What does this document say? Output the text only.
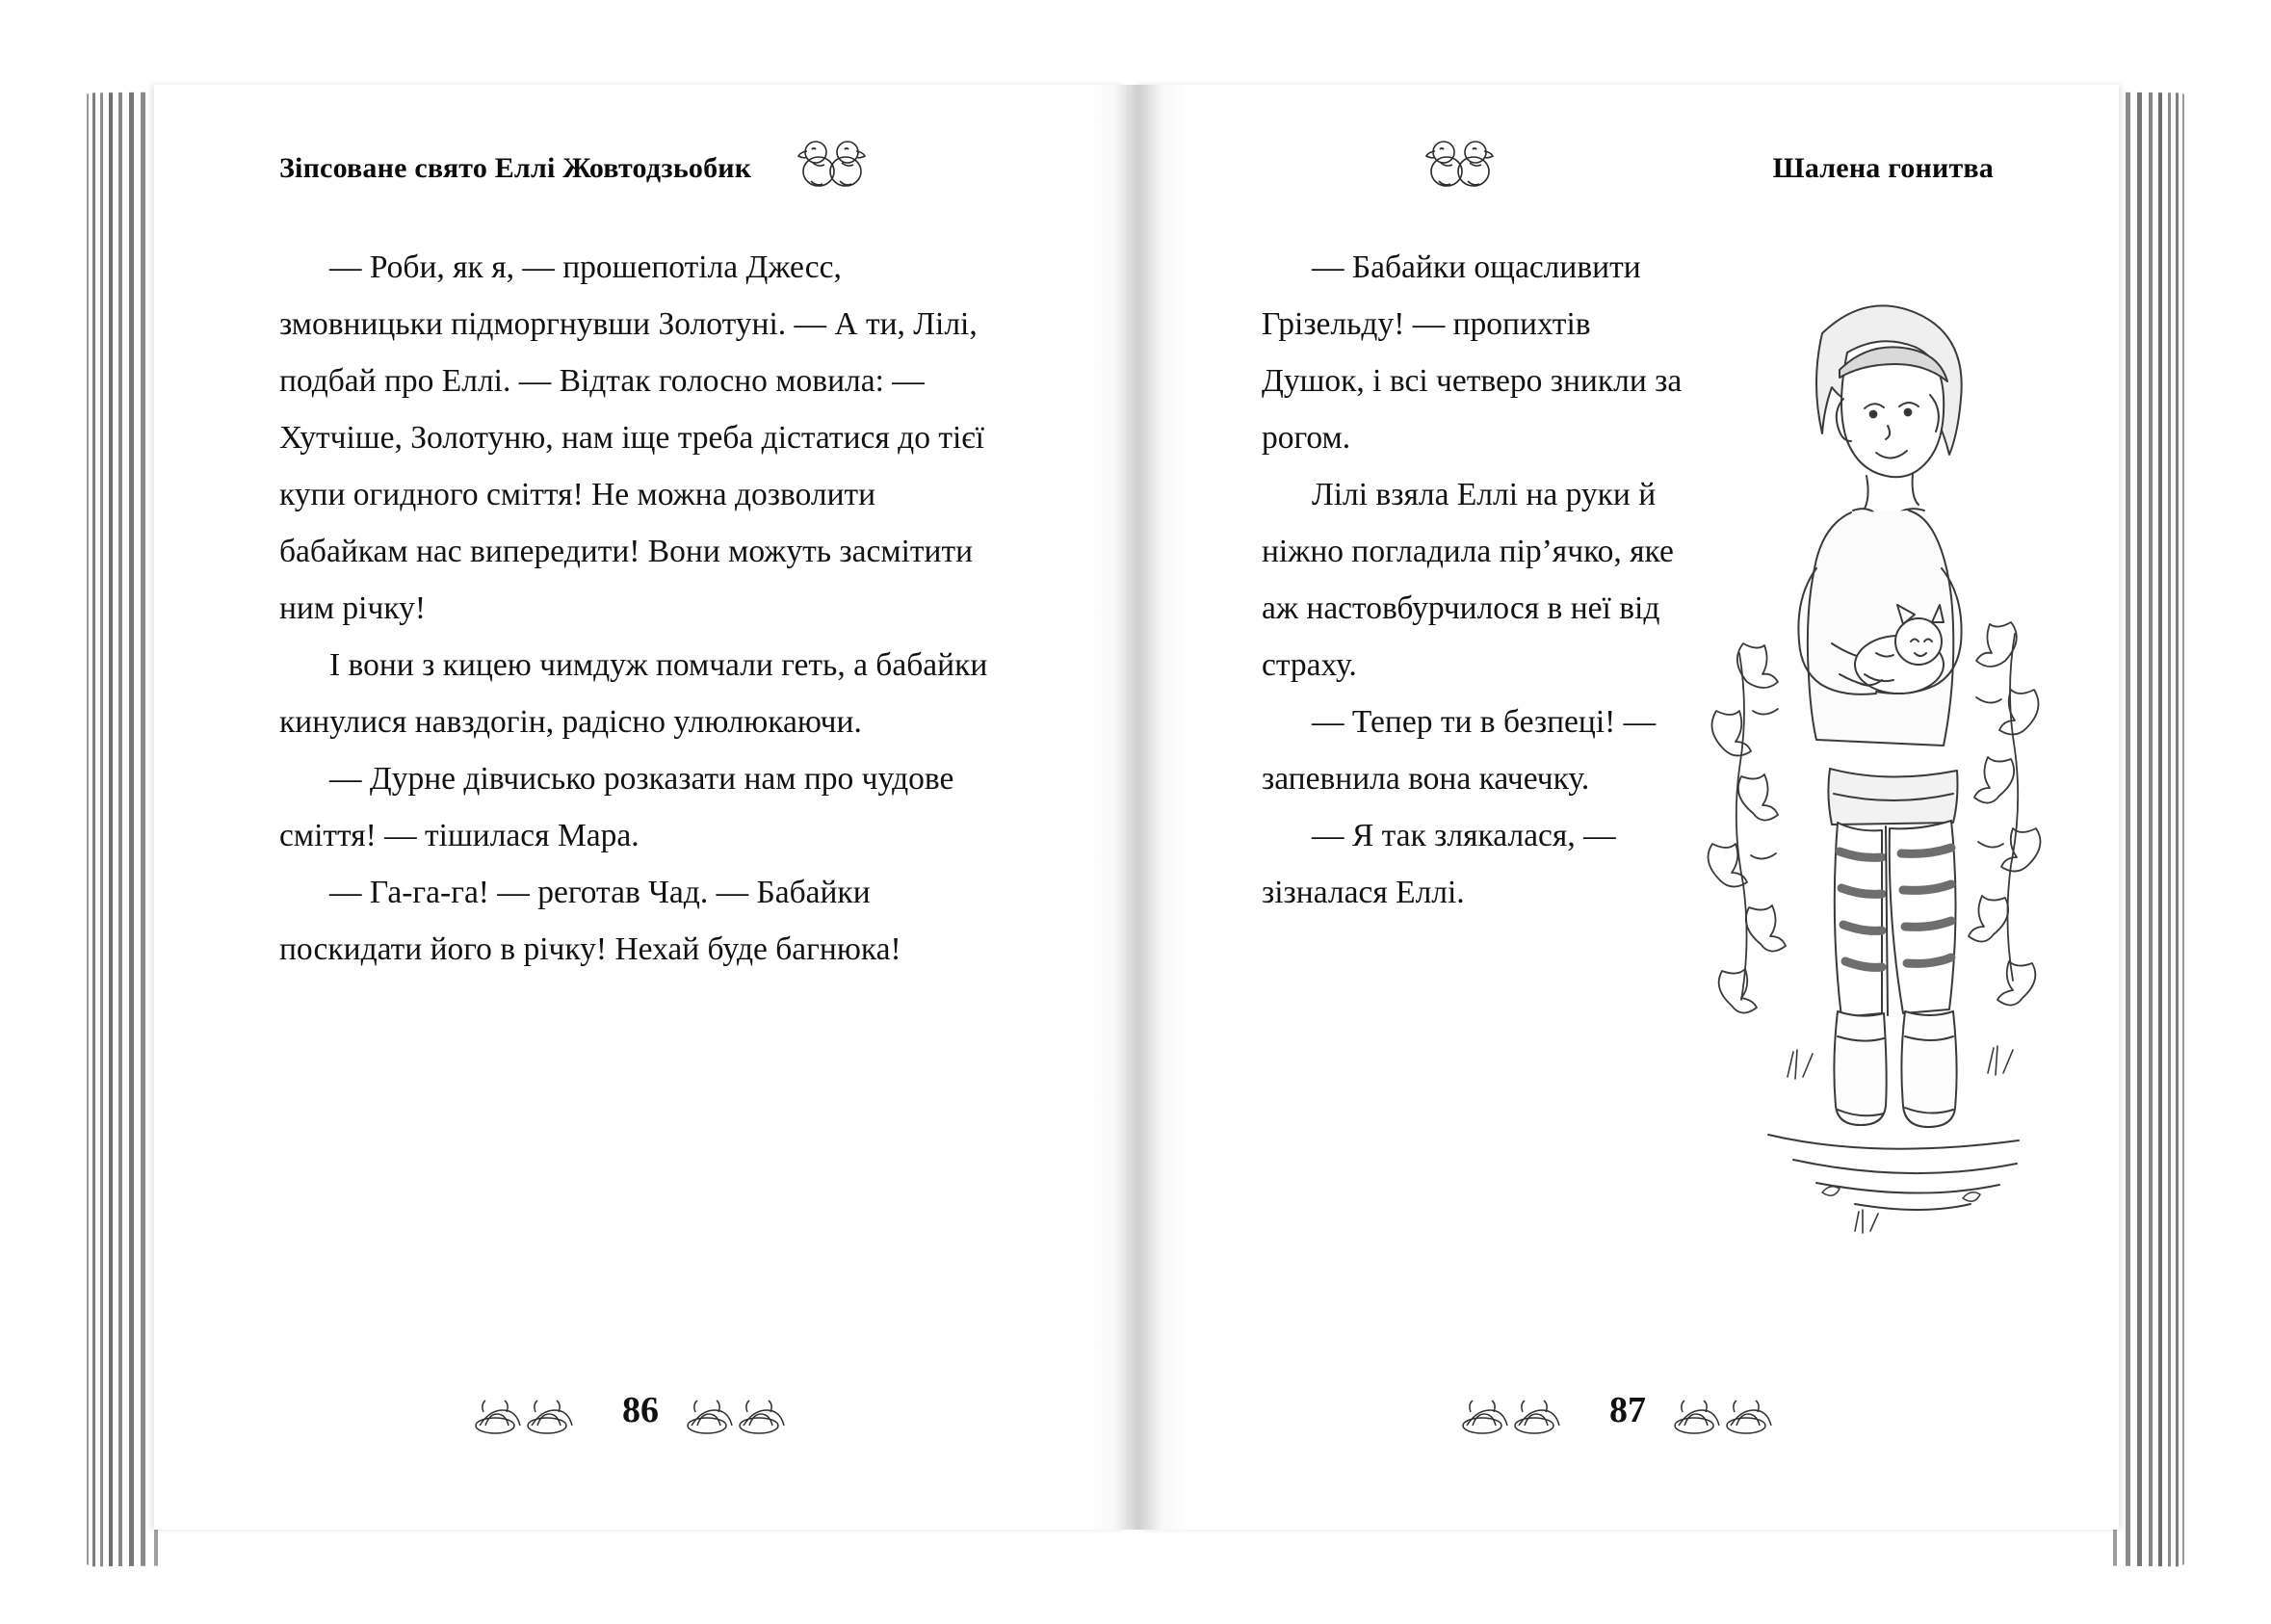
Зіпсоване свято Еллі Жовтодзьобик

— Роби, як я, — прошепотіла Джесс, змовницьки підморгнувши Золотуні. — А ти, Лілі, подбай про Еллі. — Відтак голосно мовила: — Хутчіше, Золотуню, нам іще треба дістатися до тієї купи огидного сміття! Не можна дозволити бабайкам нас випередити! Вони можуть засмітити ним річку!

І вони з кицею чимдуж помчали геть, а бабайки кинулися навздогін, радісно улюлюкаючи.

— Дурне дівчисько розказати нам про чудове сміття! — тішилася Мара.

— Га-га-га! — реготав Чад. — Бабайки поскидати його в річку! Нехай буде багнюка!

86
Шалена гонитва

— Бабайки ощасливити Грізельду! — пропихтів Душок, і всі четверо зникли за рогом.

Лілі взяла Еллі на руки й ніжно погладила пір’ячко, яке аж настовбурчилося в неї від страху.

— Тепер ти в безпеці! — запевнила вона качечку.

— Я так злякалася, — зізналася Еллі.

87
